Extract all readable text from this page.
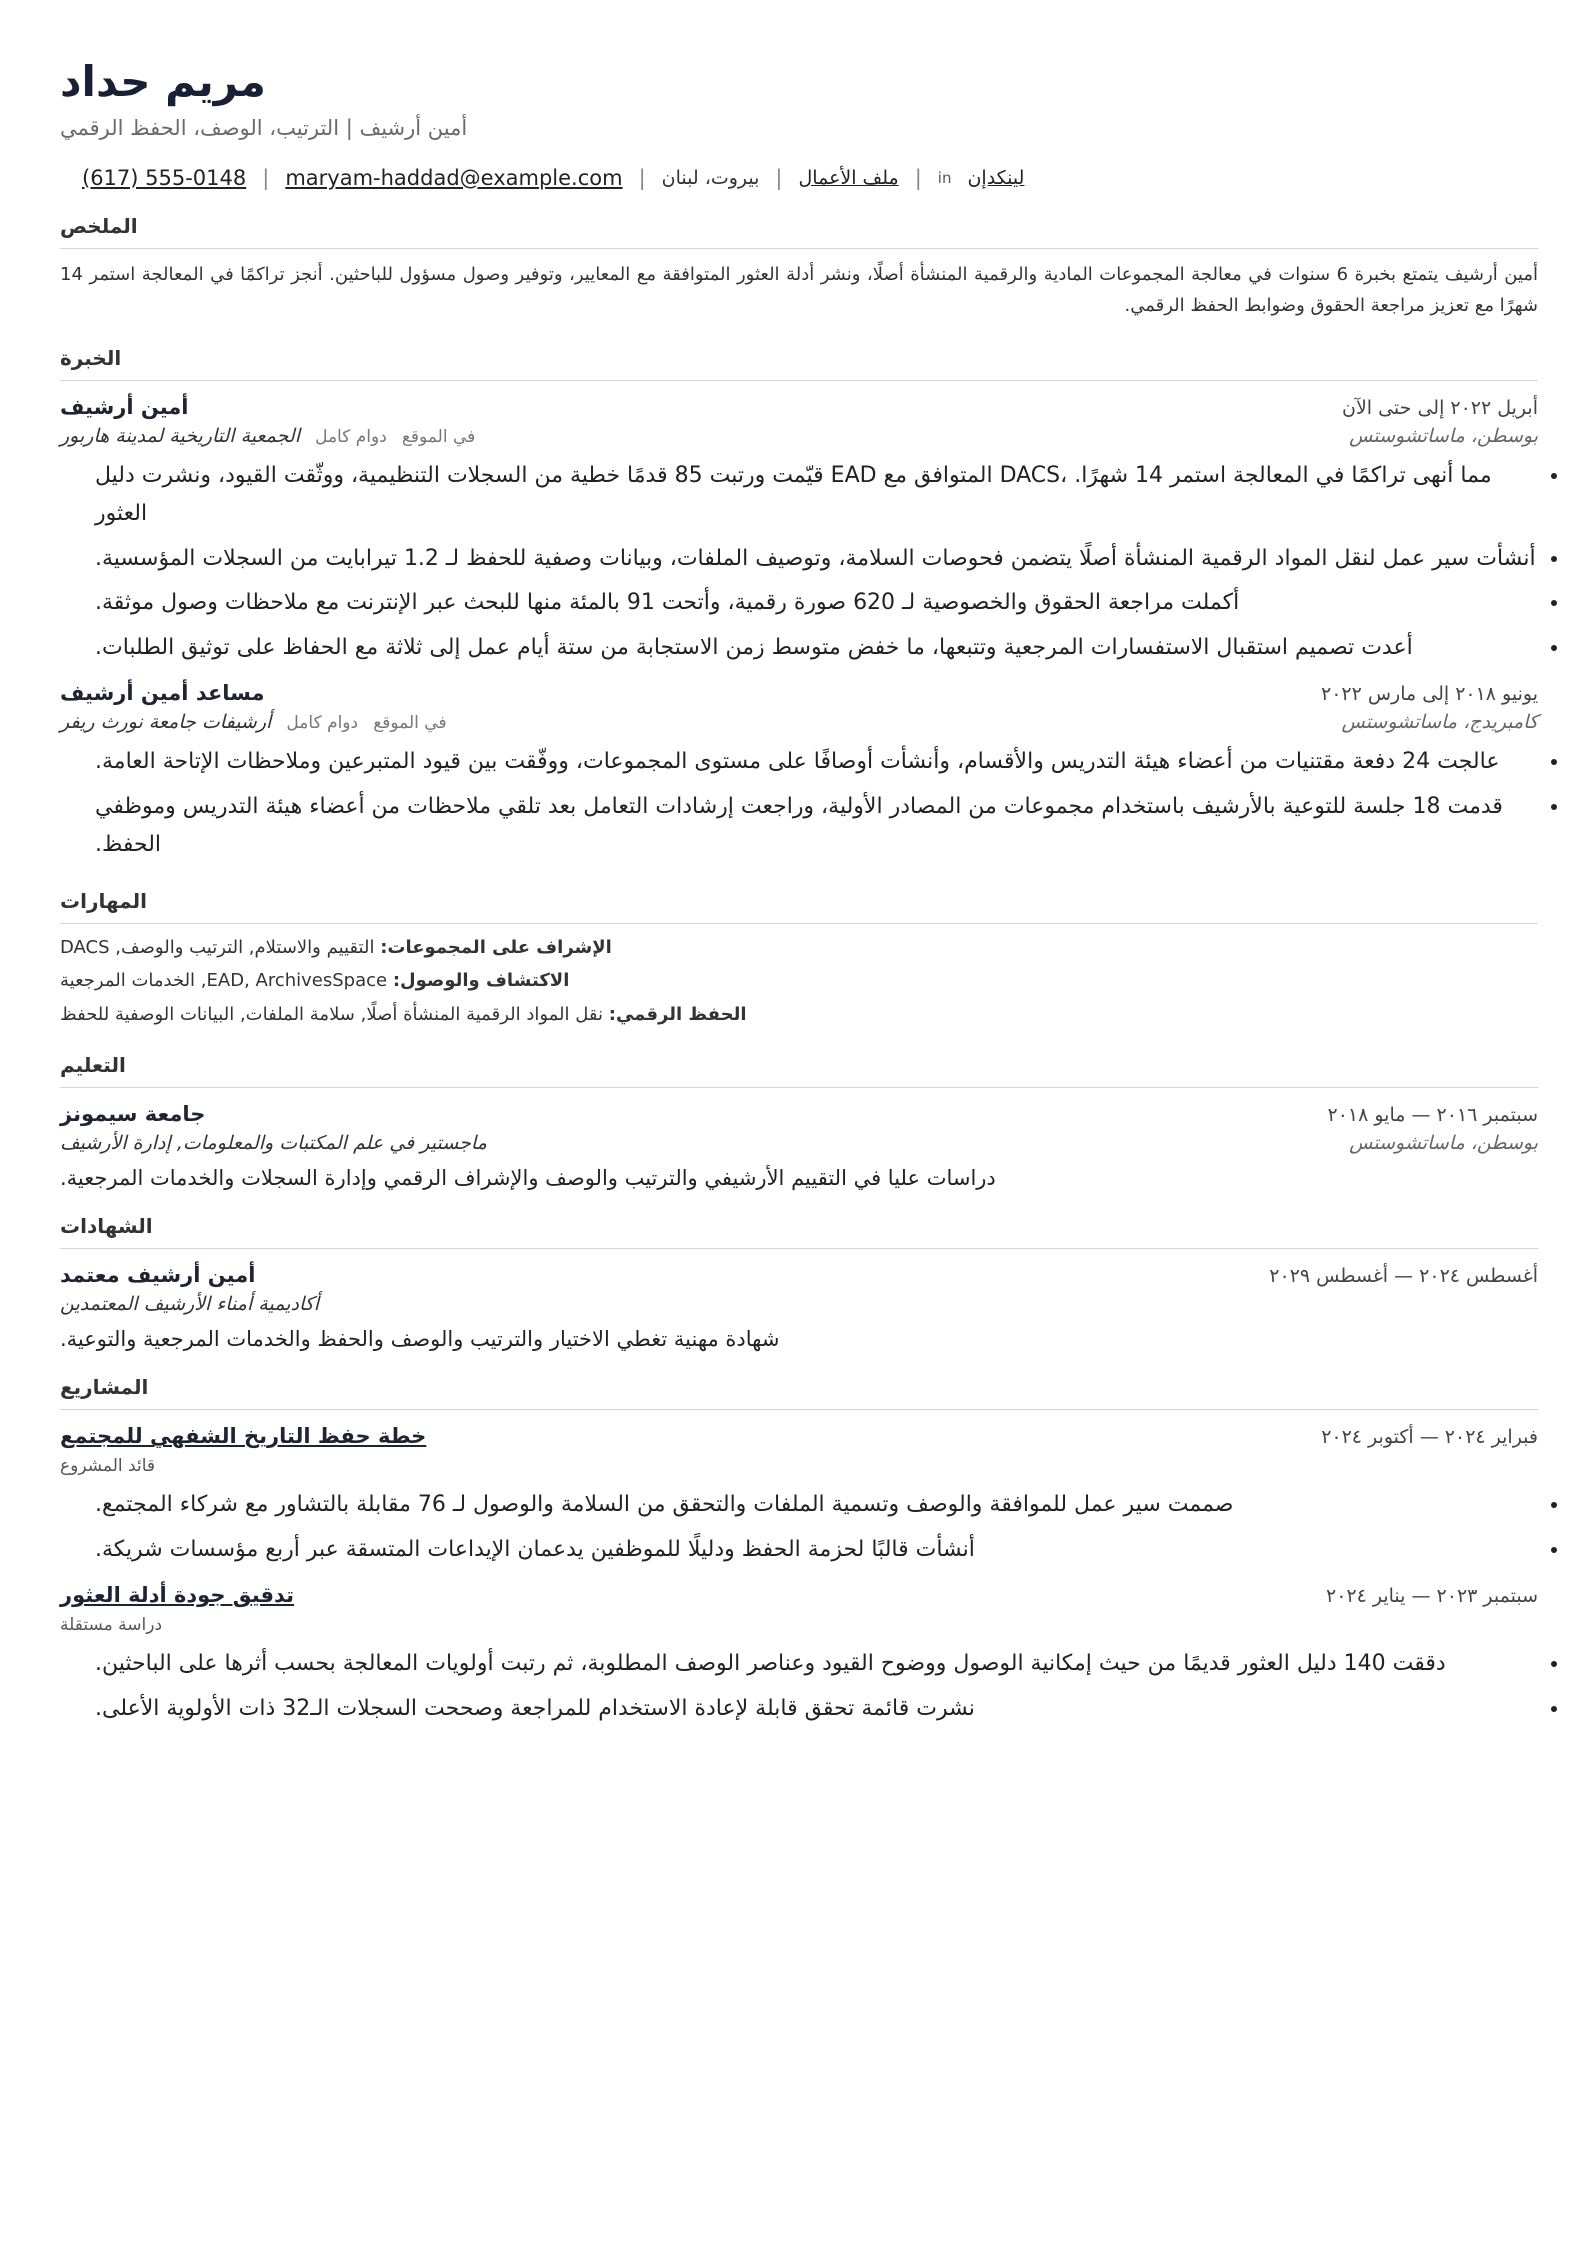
مريم حداد
أمين أرشيف | الترتيب، الوصف، الحفظ الرقمي
(617) 555-0148 | maryam-haddad@example.com | بيروت، لبنان | ملف الأعمال | in لينكدإن
الملخص
أمين أرشيف يتمتع بخبرة 6 سنوات في معالجة المجموعات المادية والرقمية المنشأة أصلًا، ونشر أدلة العثور المتوافقة مع المعايير، وتوفير وصول مسؤول للباحثين. أنجز تراكمًا في المعالجة استمر 14 شهرًا مع تعزيز مراجعة الحقوق وضوابط الحفظ الرقمي.
الخبرة
أمين أرشيف	أبريل ٢٠٢٢ إلى حتى الآن
في الموقع دوام كامل الجمعية التاريخية لمدينة هاربور	بوسطن، ماساتشوستس
• مما أنهى تراكمًا في المعالجة استمر 14 شهرًا. ،DACS المتوافق مع EAD قيّمت ورتبت 85 قدمًا خطية من السجلات التنظيمية، ووثّقت القيود، ونشرت دليل العثور
• أنشأت سير عمل لنقل المواد الرقمية المنشأة أصلًا يتضمن فحوصات السلامة، وتوصيف الملفات، وبيانات وصفية للحفظ لـ 1.2 تيرابايت من السجلات المؤسسية.
• أكملت مراجعة الحقوق والخصوصية لـ 620 صورة رقمية، وأتحت 91 بالمئة منها للبحث عبر الإنترنت مع ملاحظات وصول موثقة.
• أعدت تصميم استقبال الاستفسارات المرجعية وتتبعها، ما خفض متوسط زمن الاستجابة من ستة أيام عمل إلى ثلاثة مع الحفاظ على توثيق الطلبات.
مساعد أمين أرشيف	يونيو ٢٠١٨ إلى مارس ٢٠٢٢
في الموقع دوام كامل أرشيفات جامعة نورث ريفر	كامبريدج، ماساتشوستس
• عالجت 24 دفعة مقتنيات من أعضاء هيئة التدريس والأقسام، وأنشأت أوصافًا على مستوى المجموعات، ووفّقت بين قيود المتبرعين وملاحظات الإتاحة العامة.
• قدمت 18 جلسة للتوعية بالأرشيف باستخدام مجموعات من المصادر الأولية، وراجعت إرشادات التعامل بعد تلقي ملاحظات من أعضاء هيئة التدريس وموظفي الحفظ.
المهارات
الإشراف على المجموعات: التقييم والاستلام, الترتيب والوصف, DACS
الاكتشاف والوصول: EAD, ArchivesSpace, الخدمات المرجعية
الحفظ الرقمي: نقل المواد الرقمية المنشأة أصلًا, سلامة الملفات, البيانات الوصفية للحفظ
التعليم
جامعة سيمونز	سبتمبر ٢٠١٦ — مايو ٢٠١٨
ماجستير في علم المكتبات والمعلومات, إدارة الأرشيف	بوسطن، ماساتشوستس
دراسات عليا في التقييم الأرشيفي والترتيب والوصف والإشراف الرقمي وإدارة السجلات والخدمات المرجعية.
الشهادات
أمين أرشيف معتمد	أغسطس ٢٠٢٤ — أغسطس ٢٠٢٩
أكاديمية أمناء الأرشيف المعتمدين
شهادة مهنية تغطي الاختيار والترتيب والوصف والحفظ والخدمات المرجعية والتوعية.
المشاريع
خطة حفظ التاريخ الشفهي للمجتمع	فبراير ٢٠٢٤ — أكتوبر ٢٠٢٤
قائد المشروع
• صممت سير عمل للموافقة والوصف وتسمية الملفات والتحقق من السلامة والوصول لـ 76 مقابلة بالتشاور مع شركاء المجتمع.
• أنشأت قالبًا لحزمة الحفظ ودليلًا للموظفين يدعمان الإيداعات المتسقة عبر أربع مؤسسات شريكة.
تدقيق جودة أدلة العثور	سبتمبر ٢٠٢٣ — يناير ٢٠٢٤
دراسة مستقلة
• دققت 140 دليل العثور قديمًا من حيث إمكانية الوصول ووضوح القيود وعناصر الوصف المطلوبة، ثم رتبت أولويات المعالجة بحسب أثرها على الباحثين.
• نشرت قائمة تحقق قابلة لإعادة الاستخدام للمراجعة وصححت السجلات الـ32 ذات الأولوية الأعلى.
